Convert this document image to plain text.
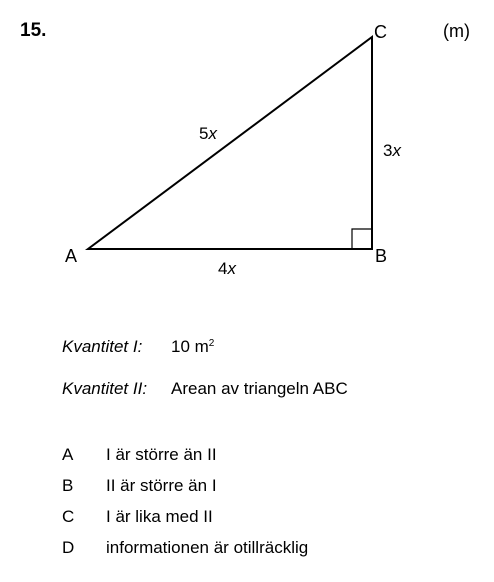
15.	(m)
A	B
C
5x
3x
4x
Kvantitet I: 10 $m^2$
Kvantitet II: Arean av triangeln ABC
A I är större än II
B II är större än I
C I är lika med II
D informationen är otillräcklig
